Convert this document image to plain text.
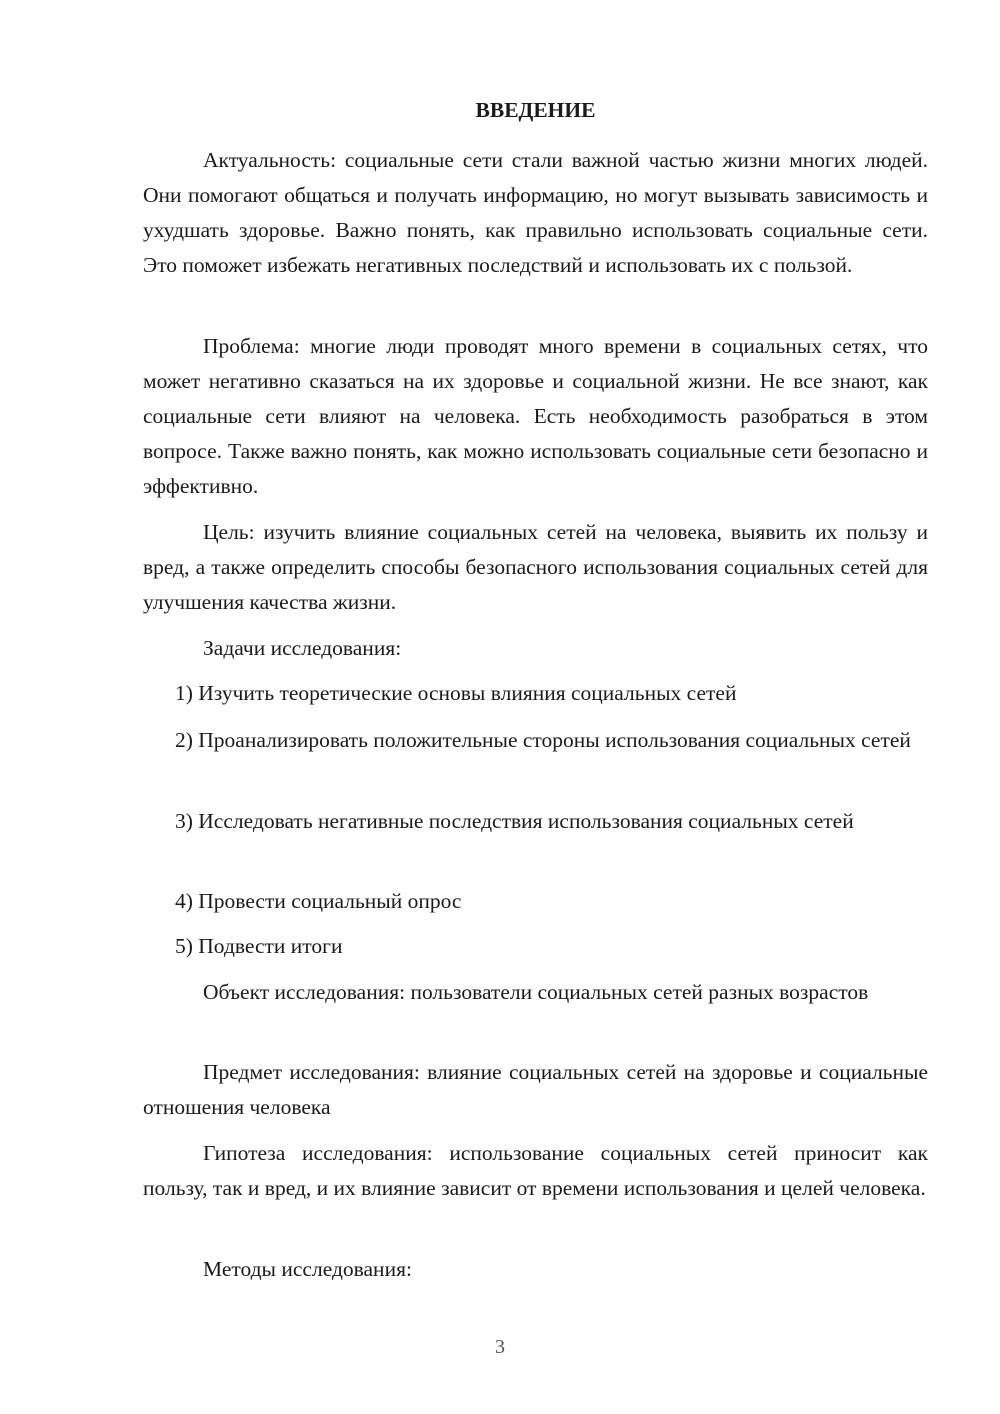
ВВЕДЕНИЕ

Актуальность: социальные сети стали важной частью жизни многих людей. Они помогают общаться и получать информацию, но могут вызывать зависимость и ухудшать здоровье. Важно понять, как правильно использовать социальные сети. Это поможет избежать негативных последствий и использовать их с пользой.

Проблема: многие люди проводят много времени в социальных сетях, что может негативно сказаться на их здоровье и социальной жизни. Не все знают, как социальные сети влияют на человека. Есть необходимость разобраться в этом вопросе. Также важно понять, как можно использовать социальные сети безопасно и эффективно.

Цель: изучить влияние социальных сетей на человека, выявить их пользу и вред, а также определить способы безопасного использования социальных сетей для улучшения качества жизни.

Задачи исследования:

1) Изучить теоретические основы влияния социальных сетей

2) Проанализировать положительные стороны использования социальных сетей

3) Исследовать негативные последствия использования социальных сетей

4) Провести социальный опрос

5) Подвести итоги

Объект исследования: пользователи социальных сетей разных возрастов

Предмет исследования: влияние социальных сетей на здоровье и социальные отношения человека

Гипотеза исследования: использование социальных сетей приносит как пользу, так и вред, и их влияние зависит от времени использования и целей человека.

Методы исследования:

3
